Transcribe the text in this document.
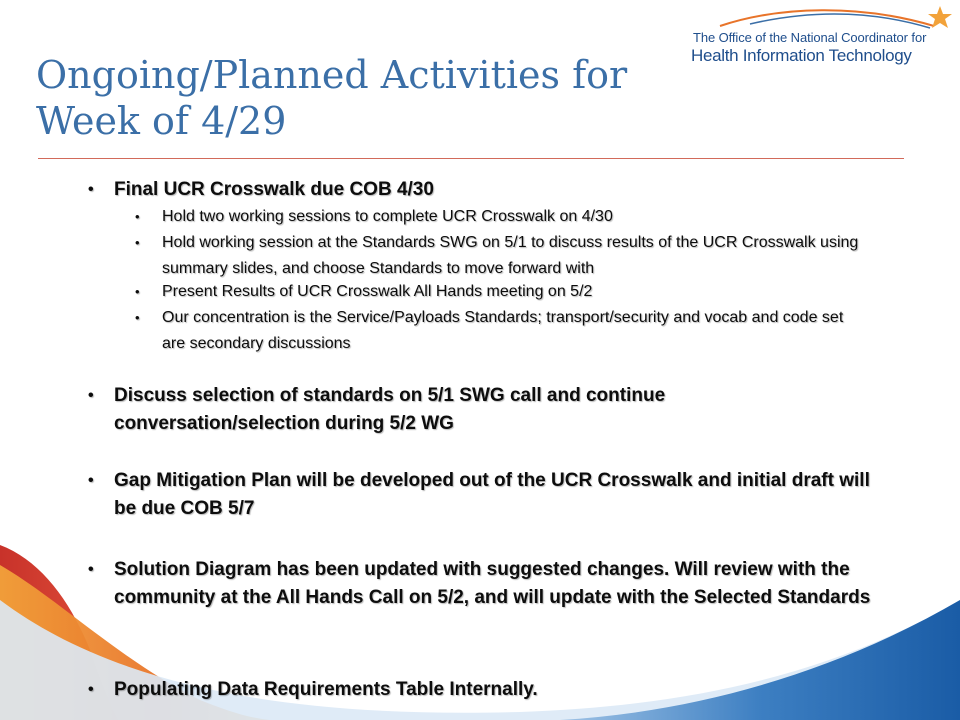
The Office of the National Coordinator for
Health Information Technology
Ongoing/Planned Activities for
Week of 4/29
• Final UCR Crosswalk due COB 4/30
• Hold two working sessions to complete UCR Crosswalk on 4/30
• Hold working session at the Standards SWG on 5/1 to discuss results of the UCR Crosswalk using summary slides, and choose Standards to move forward with
• Present Results of UCR Crosswalk All Hands meeting on 5/2
• Our concentration is the Service/Payloads Standards; transport/security and vocab and code set are secondary discussions
• Discuss selection of standards on 5/1 SWG call and continue conversation/selection during 5/2 WG
• Gap Mitigation Plan will be developed out of the UCR Crosswalk and initial draft will be due COB 5/7
• Solution Diagram has been updated with suggested changes. Will review with the community at the All Hands Call on 5/2, and will update with the Selected Standards
• Populating Data Requirements Table Internally.
